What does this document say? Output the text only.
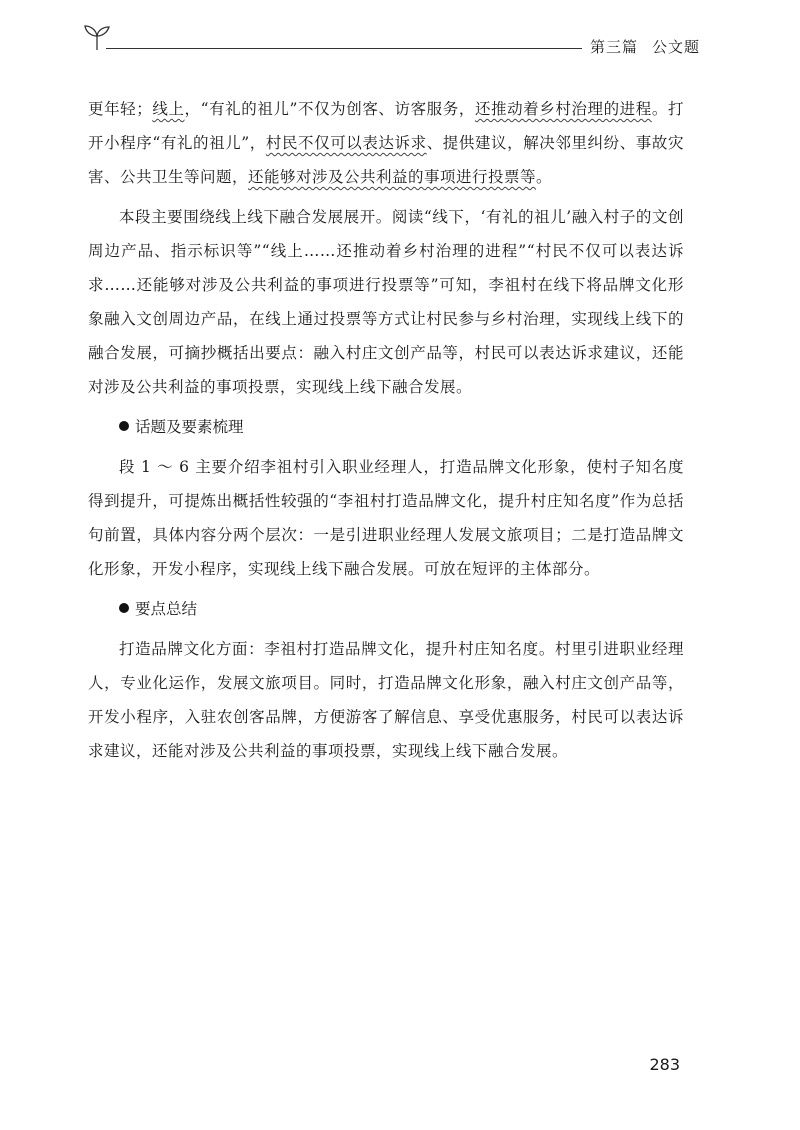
第三篇 公文题

更年轻；线上，“有礼的祖儿”不仅为创客、访客服务，还推动着乡村治理的进程。打开小程序“有礼的祖儿”，村民不仅可以表达诉求、提供建议，解决邻里纠纷、事故灾害、公共卫生等问题，还能够对涉及公共利益的事项进行投票等。

本段主要围绕线上线下融合发展展开。阅读“线下，‘有礼的祖儿’融入村子的文创周边产品、指示标识等”“线上……还推动着乡村治理的进程”“村民不仅可以表达诉求……还能够对涉及公共利益的事项进行投票等”可知，李祖村在线下将品牌文化形象融入文创周边产品，在线上通过投票等方式让村民参与乡村治理，实现线上线下的融合发展，可摘抄概括出要点：融入村庄文创产品等，村民可以表达诉求建议，还能对涉及公共利益的事项投票，实现线上线下融合发展。

话题及要素梳理

段 1 ～ 6 主要介绍李祖村引入职业经理人，打造品牌文化形象，使村子知名度得到提升，可提炼出概括性较强的“李祖村打造品牌文化，提升村庄知名度”作为总括句前置，具体内容分两个层次：一是引进职业经理人发展文旅项目；二是打造品牌文化形象，开发小程序，实现线上线下融合发展。可放在短评的主体部分。

要点总结

打造品牌文化方面：李祖村打造品牌文化，提升村庄知名度。村里引进职业经理人，专业化运作，发展文旅项目。同时，打造品牌文化形象，融入村庄文创产品等，开发小程序，入驻农创客品牌，方便游客了解信息、享受优惠服务，村民可以表达诉求建议，还能对涉及公共利益的事项投票，实现线上线下融合发展。

283
